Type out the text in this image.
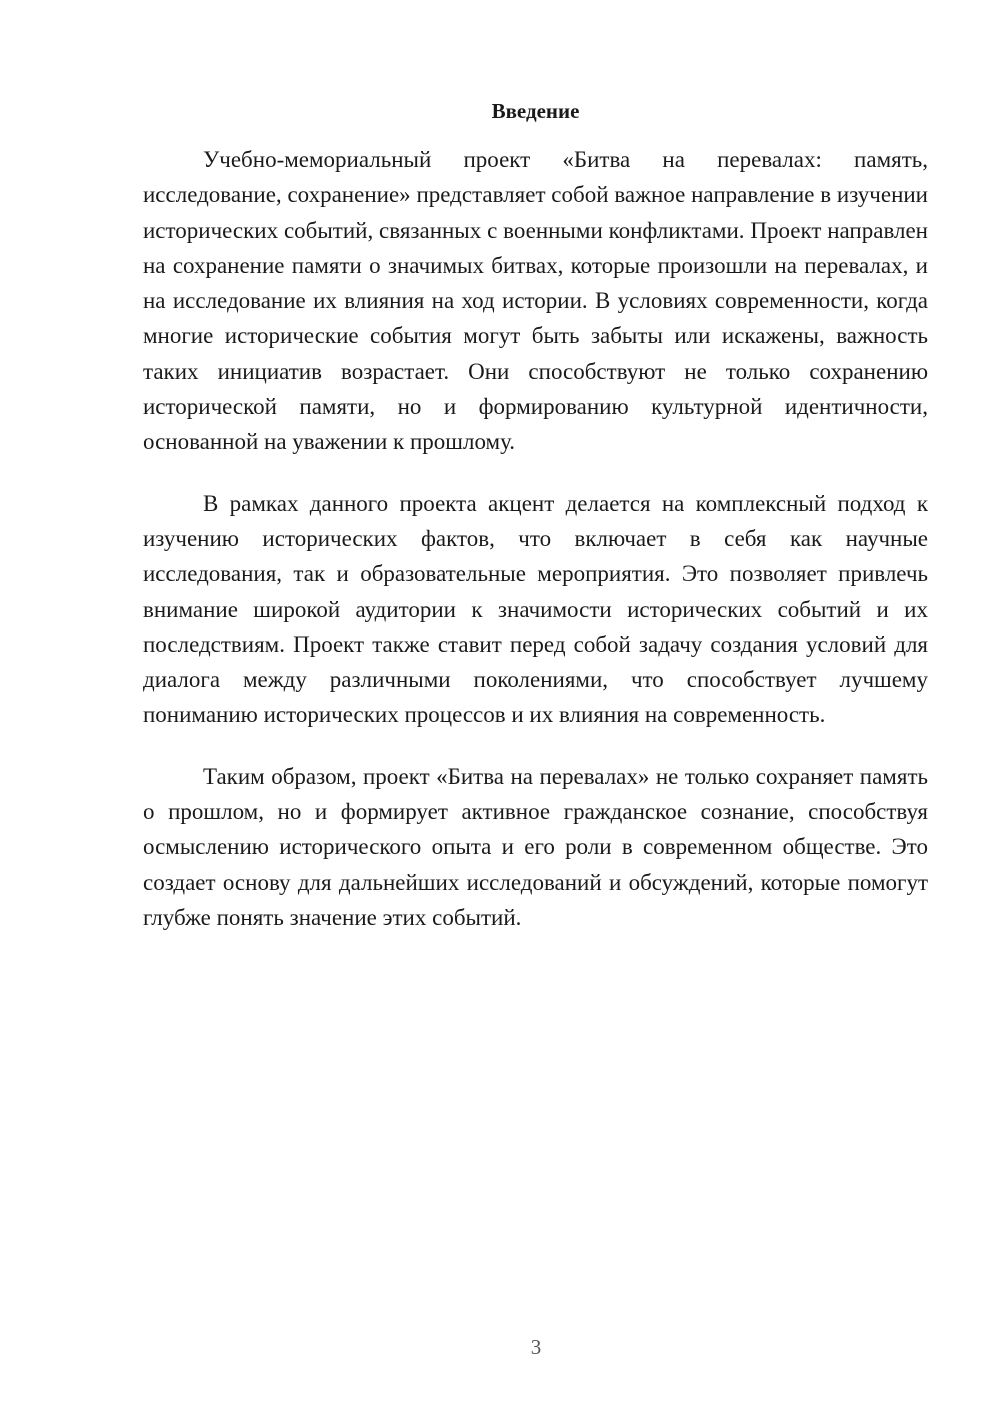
Введение

Учебно-мемориальный проект «Битва на перевалах: память, исследование, сохранение» представляет собой важное направление в изучении исторических событий, связанных с военными конфликтами. Проект направлен на сохранение памяти о значимых битвах, которые произошли на перевалах, и на исследование их влияния на ход истории. В условиях современности, когда многие исторические события могут быть забыты или искажены, важность таких инициатив возрастает. Они способствуют не только сохранению исторической памяти, но и формированию культурной идентичности, основанной на уважении к прошлому.

В рамках данного проекта акцент делается на комплексный подход к изучению исторических фактов, что включает в себя как научные исследования, так и образовательные мероприятия. Это позволяет привлечь внимание широкой аудитории к значимости исторических событий и их последствиям. Проект также ставит перед собой задачу создания условий для диалога между различными поколениями, что способствует лучшему пониманию исторических процессов и их влияния на современность.

Таким образом, проект «Битва на перевалах» не только сохраняет память о прошлом, но и формирует активное гражданское сознание, способствуя осмыслению исторического опыта и его роли в современном обществе. Это создает основу для дальнейших исследований и обсуждений, которые помогут глубже понять значение этих событий.

3
